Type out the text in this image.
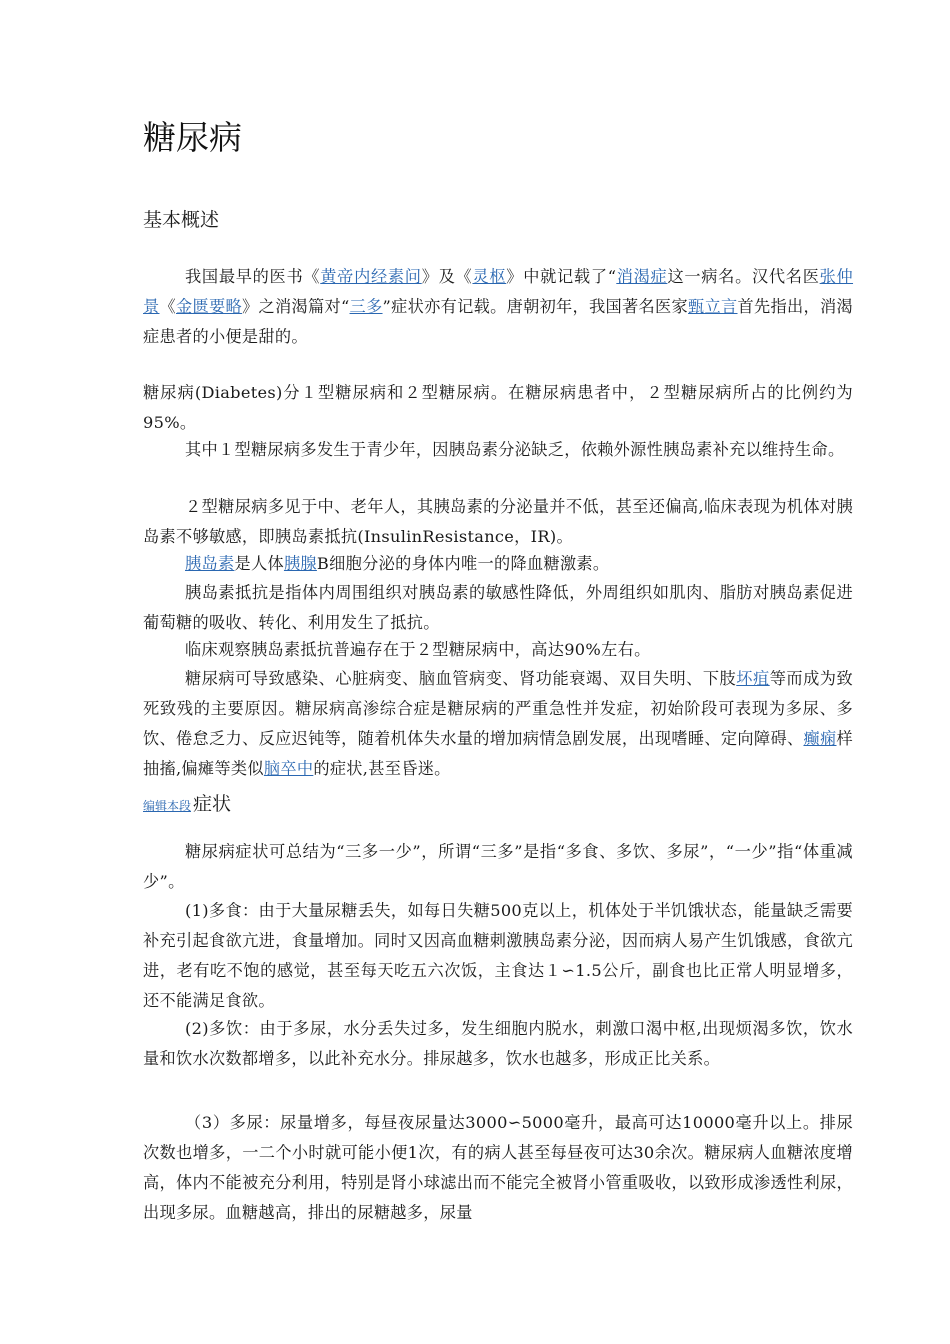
糖尿病
基本概述

我国最早的医书《黄帝内经素问》及《灵枢》中就记载了“消渴症这一病名。汉代名医张仲景《金匮要略》之消渴篇对“三多”症状亦有记载。唐朝初年，我国著名医家甄立言首先指出，消渴症患者的小便是甜的。

糖尿病(Diabetes)分１型糖尿病和２型糖尿病。在糖尿病患者中，２型糖尿病所占的比例约为95%。

其中１型糖尿病多发生于青少年，因胰岛素分泌缺乏，依赖外源性胰岛素补充以维持生命。

２型糖尿病多见于中、老年人，其胰岛素的分泌量并不低，甚至还偏高,临床表现为机体对胰岛素不够敏感，即胰岛素抵抗(InsulinResistance，IR)。

胰岛素是人体胰腺B细胞分泌的身体内唯一的降血糖激素。

胰岛素抵抗是指体内周围组织对胰岛素的敏感性降低，外周组织如肌肉、脂肪对胰岛素促进葡萄糖的吸收、转化、利用发生了抵抗。

临床观察胰岛素抵抗普遍存在于２型糖尿病中，高达90%左右。

糖尿病可导致感染、心脏病变、脑血管病变、肾功能衰竭、双目失明、下肢坏疽等而成为致死致残的主要原因。糖尿病高渗综合症是糖尿病的严重急性并发症，初始阶段可表现为多尿、多饮、倦怠乏力、反应迟钝等，随着机体失水量的增加病情急剧发展，出现嗜睡、定向障碍、癫痫样抽搐,偏瘫等类似脑卒中的症状,甚至昏迷。

编辑本段 症状

糖尿病症状可总结为“三多一少”，所谓“三多”是指“多食、多饮、多尿”，“一少”指“体重减少”。

(1)多食：由于大量尿糖丢失，如每日失糖500克以上，机体处于半饥饿状态，能量缺乏需要补充引起食欲亢进，食量增加。同时又因高血糖刺激胰岛素分泌，因而病人易产生饥饿感，食欲亢进，老有吃不饱的感觉，甚至每天吃五六次饭，主食达１∽1.5公斤，副食也比正常人明显增多，还不能满足食欲。

(2)多饮：由于多尿，水分丢失过多，发生细胞内脱水，刺激口渴中枢,出现烦渴多饮，饮水量和饮水次数都增多，以此补充水分。排尿越多，饮水也越多，形成正比关系。

（3）多尿：尿量增多，每昼夜尿量达3000∽5000毫升，最高可达10000毫升以上。排尿次数也增多，一二个小时就可能小便1次，有的病人甚至每昼夜可达30余次。糖尿病人血糖浓度增高，体内不能被充分利用，特别是肾小球滤出而不能完全被肾小管重吸收，以致形成渗透性利尿，出现多尿。血糖越高，排出的尿糖越多，尿量
